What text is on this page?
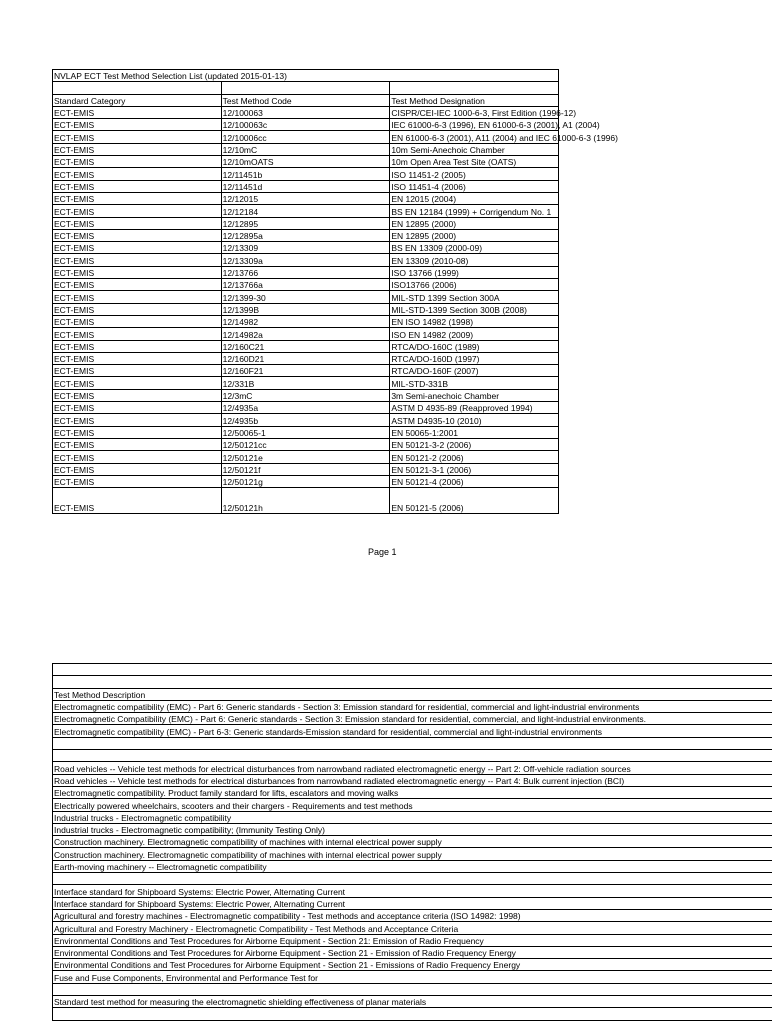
NVLAP ECT Test Method Selection List (updated 2015-01-13)		

Standard Category	Test Method Code	Test Method Designation
ECT-EMIS	12/100063	CISPR/CEI-IEC 1000-6-3, First Edition (1996-12)
ECT-EMIS	12/100063c	IEC 61000-6-3 (1996), EN 61000-6-3 (2001), A1 (2004)
ECT-EMIS	12/10006cc	EN 61000-6-3 (2001), A11 (2004) and IEC 61000-6-3 (1996)
ECT-EMIS	12/10mC	10m Semi-Anechoic Chamber
ECT-EMIS	12/10mOATS	10m Open Area Test Site (OATS)
ECT-EMIS	12/11451b	ISO 11451-2 (2005)
ECT-EMIS	12/11451d	ISO 11451-4 (2006)
ECT-EMIS	12/12015	EN 12015 (2004)
ECT-EMIS	12/12184	BS EN 12184 (1999) + Corrigendum No. 1
ECT-EMIS	12/12895	EN 12895 (2000)
ECT-EMIS	12/12895a	EN 12895 (2000)
ECT-EMIS	12/13309	BS EN 13309 (2000-09)
ECT-EMIS	12/13309a	EN 13309 (2010-08)
ECT-EMIS	12/13766	ISO 13766 (1999)
ECT-EMIS	12/13766a	ISO13766 (2006)
ECT-EMIS	12/1399-30	MIL-STD 1399 Section 300A
ECT-EMIS	12/1399B	MIL-STD-1399 Section 300B (2008)
ECT-EMIS	12/14982	EN ISO 14982 (1998)
ECT-EMIS	12/14982a	ISO EN 14982 (2009)
ECT-EMIS	12/160C21	RTCA/DO-160C (1989)
ECT-EMIS	12/160D21	RTCA/DO-160D (1997)
ECT-EMIS	12/160F21	RTCA/DO-160F (2007)
ECT-EMIS	12/331B	MIL-STD-331B
ECT-EMIS	12/3mC	3m Semi-anechoic Chamber
ECT-EMIS	12/4935a	ASTM D 4935-89 (Reapproved 1994)
ECT-EMIS	12/4935b	ASTM D4935-10 (2010)
ECT-EMIS	12/50065-1	EN 50065-1:2001
ECT-EMIS	12/50121cc	EN 50121-3-2 (2006)
ECT-EMIS	12/50121e	EN 50121-2 (2006)
ECT-EMIS	12/50121f	EN 50121-3-1 (2006)
ECT-EMIS	12/50121g	EN 50121-4 (2006)
ECT-EMIS	12/50121h	EN 50121-5 (2006)
Page 1

Test Method Description
Electromagnetic compatibility (EMC) - Part 6: Generic standards - Section 3: Emission standard for residential, commercial and light-industrial environments
Electromagnetic Compatibility (EMC) - Part 6: Generic standards - Section 3: Emission standard for residential, commercial, and light-industrial environments.
Electromagnetic compatibility (EMC) - Part 6-3: Generic standards-Emission standard for residential, commercial and light-industrial environments

Road vehicles -- Vehicle test methods for electrical disturbances from narrowband radiated electromagnetic energy -- Part 2: Off-vehicle radiation sources
Road vehicles -- Vehicle test methods for electrical disturbances from narrowband radiated electromagnetic energy -- Part 4: Bulk current injection (BCI)
Electromagnetic compatibility. Product family standard for lifts, escalators and moving walks
Electrically powered wheelchairs, scooters and their chargers - Requirements and test methods
Industrial trucks - Electromagnetic compatibility
Industrial trucks - Electromagnetic compatibility; (Immunity Testing Only)
Construction machinery. Electromagnetic compatibility of machines with internal electrical power supply
Construction machinery. Electromagnetic compatibility of machines with internal electrical power supply
Earth-moving machinery -- Electromagnetic compatibility

Interface standard for Shipboard Systems: Electric Power, Alternating Current
Interface standard for Shipboard Systems: Electric Power, Alternating Current
Agricultural and forestry machines - Electromagnetic compatibility - Test methods and acceptance criteria (ISO 14982: 1998)
Agricultural and Forestry Machinery - Electromagnetic Compatibility - Test Methods and Acceptance Criteria
Environmental Conditions and Test Procedures for Airborne Equipment - Section 21: Emission of Radio Frequency
Environmental Conditions and Test Procedures for Airborne Equipment - Section 21 - Emission of Radio Frequency Energy
Environmental Conditions and Test Procedures for Airborne Equipment - Section 21 - Emissions of Radio Frequency Energy
Fuse and Fuse Components, Environmental and Performance Test for

Standard test method for measuring the electromagnetic shielding effectiveness of planar materials
